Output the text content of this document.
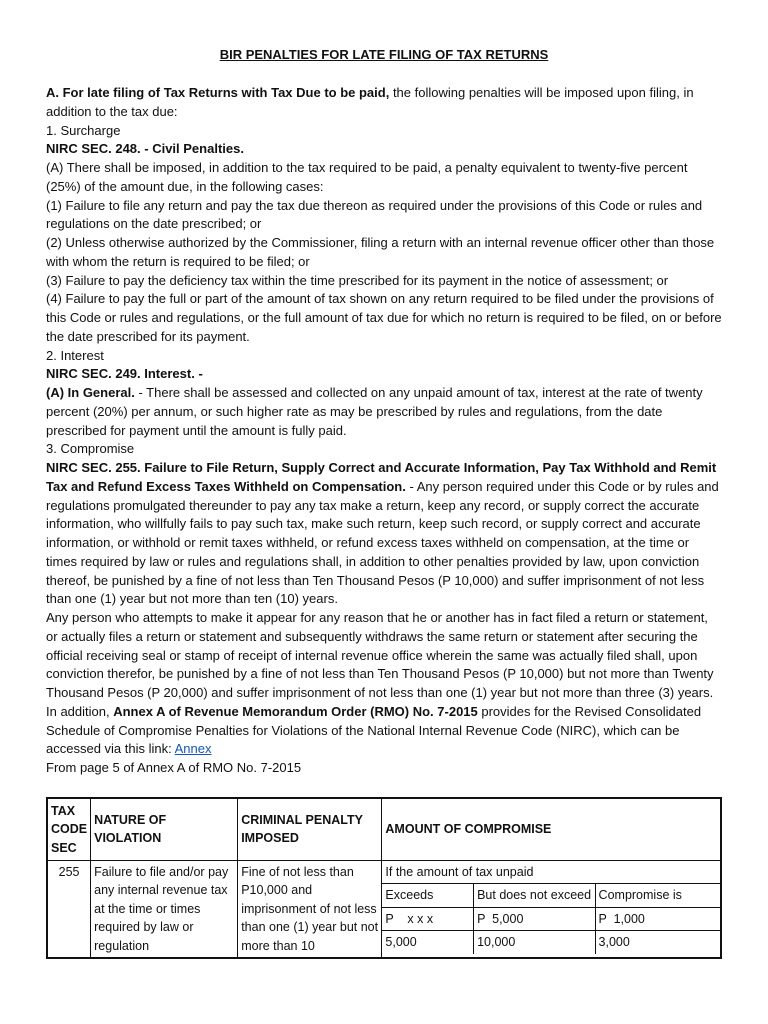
BIR PENALTIES FOR LATE FILING OF TAX RETURNS

A. For late filing of Tax Returns with Tax Due to be paid, the following penalties will be imposed upon filing, in addition to the tax due:

1. Surcharge

NIRC SEC. 248. - Civil Penalties.

(A) There shall be imposed, in addition to the tax required to be paid, a penalty equivalent to twenty-five percent (25%) of the amount due, in the following cases:

(1) Failure to file any return and pay the tax due thereon as required under the provisions of this Code or rules and regulations on the date prescribed; or

(2) Unless otherwise authorized by the Commissioner, filing a return with an internal revenue officer other than those with whom the return is required to be filed; or

(3) Failure to pay the deficiency tax within the time prescribed for its payment in the notice of assessment; or

(4) Failure to pay the full or part of the amount of tax shown on any return required to be filed under the provisions of this Code or rules and regulations, or the full amount of tax due for which no return is required to be filed, on or before the date prescribed for its payment.

2. Interest

NIRC SEC. 249. Interest. -

(A) In General. - There shall be assessed and collected on any unpaid amount of tax, interest at the rate of twenty percent (20%) per annum, or such higher rate as may be prescribed by rules and regulations, from the date prescribed for payment until the amount is fully paid.

3. Compromise

NIRC SEC. 255. Failure to File Return, Supply Correct and Accurate Information, Pay Tax Withhold and Remit Tax and Refund Excess Taxes Withheld on Compensation. - Any person required under this Code or by rules and regulations promulgated thereunder to pay any tax make a return, keep any record, or supply correct the accurate information, who willfully fails to pay such tax, make such return, keep such record, or supply correct and accurate information, or withhold or remit taxes withheld, or refund excess taxes withheld on compensation, at the time or times required by law or rules and regulations shall, in addition to other penalties provided by law, upon conviction thereof, be punished by a fine of not less than Ten Thousand Pesos (P 10,000) and suffer imprisonment of not less than one (1) year but not more than ten (10) years.

Any person who attempts to make it appear for any reason that he or another has in fact filed a return or statement, or actually files a return or statement and subsequently withdraws the same return or statement after securing the official receiving seal or stamp of receipt of internal revenue office wherein the same was actually filed shall, upon conviction therefor, be punished by a fine of not less than Ten Thousand Pesos (P 10,000) but not more than Twenty Thousand Pesos (P 20,000) and suffer imprisonment of not less than one (1) year but not more than three (3) years.

In addition, Annex A of Revenue Memorandum Order (RMO) No. 7-2015 provides for the Revised Consolidated Schedule of Compromise Penalties for Violations of the National Internal Revenue Code (NIRC), which can be accessed via this link: Annex

From page 5 of Annex A of RMO No. 7-2015

TAX CODE SEC	NATURE OF VIOLATION	CRIMINAL PENALTY IMPOSED	AMOUNT OF COMPROMISE
255	Failure to file and/or pay any internal revenue tax at the time or times required by law or regulation	Fine of not less than P10,000 and imprisonment of not less than one (1) year but not more than 10	
If the amount of tax unpaid
Exceeds	But does not exceed	Compromise is
P    x x x	P  5,000	P  1,000
5,000	10,000	3,000
